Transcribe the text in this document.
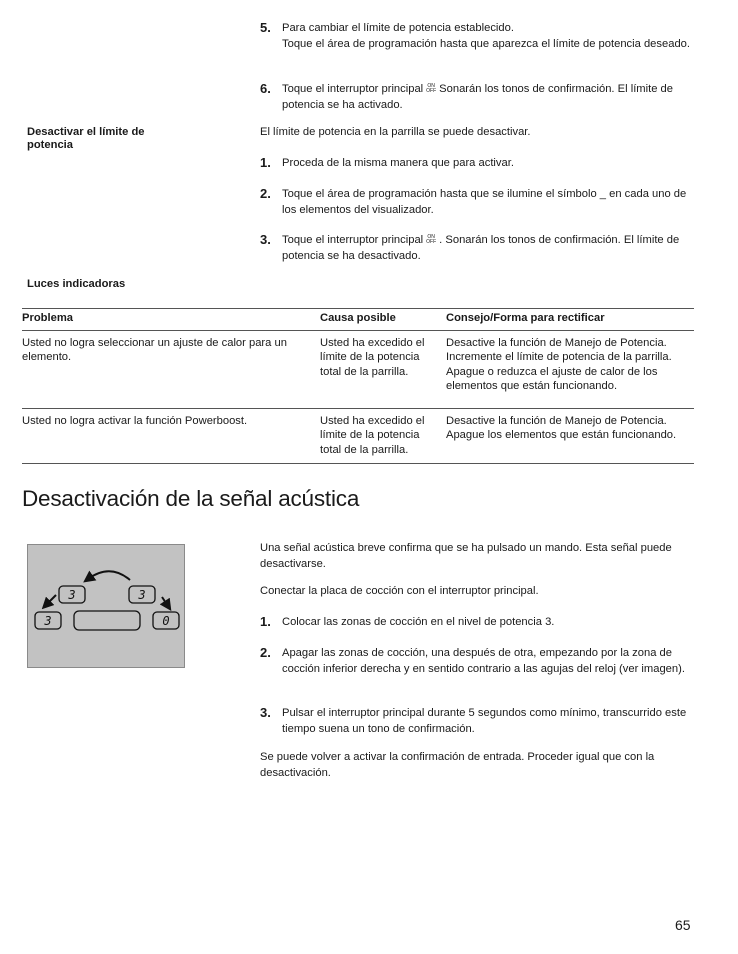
5. Para cambiar el límite de potencia establecido.
Toque el área de programación hasta que aparezca el límite de potencia deseado.
6. Toque el interruptor principal ON
OFF Sonarán los tonos de confirmación. El límite de potencia se ha activado.
Desactivar el límite de potencia
El límite de potencia en la parrilla se puede desactivar.
1. Proceda de la misma manera que para activar.
2. Toque el área de programación hasta que se ilumine el símbolo _ en cada uno de los elementos del visualizador.
3. Toque el interruptor principal ON
OFF . Sonarán los tonos de confirmación. El límite de potencia se ha desactivado.
Luces indicadoras
Problema	Causa posible	Consejo/Forma para rectificar
Usted no logra seleccionar un ajuste de calor para un elemento.	Usted ha excedido el límite de la potencia total de la parrilla.	Desactive la función de Manejo de Potencia. Incremente el límite de potencia de la parrilla. Apague o reduzca el ajuste de calor de los elementos que están funcionando.
Usted no logra activar la función Powerboost.	Usted ha excedido el límite de la potencia total de la parrilla.	Desactive la función de Manejo de Potencia. Apague los elementos que están funcionando.
Desactivación de la señal acústica
3	3
3	0
Una señal acústica breve confirma que se ha pulsado un mando. Esta señal puede desactivarse.
Conectar la placa de cocción con el interruptor principal.
1. Colocar las zonas de cocción en el nivel de potencia 3.
2. Apagar las zonas de cocción, una después de otra, empezando por la zona de cocción inferior derecha y en sentido contrario a las agujas del reloj (ver imagen).
3. Pulsar el interruptor principal durante 5 segundos como mínimo, transcurrido este tiempo suena un tono de confirmación.
Se puede volver a activar la confirmación de entrada. Proceder igual que con la desactivación.
65
